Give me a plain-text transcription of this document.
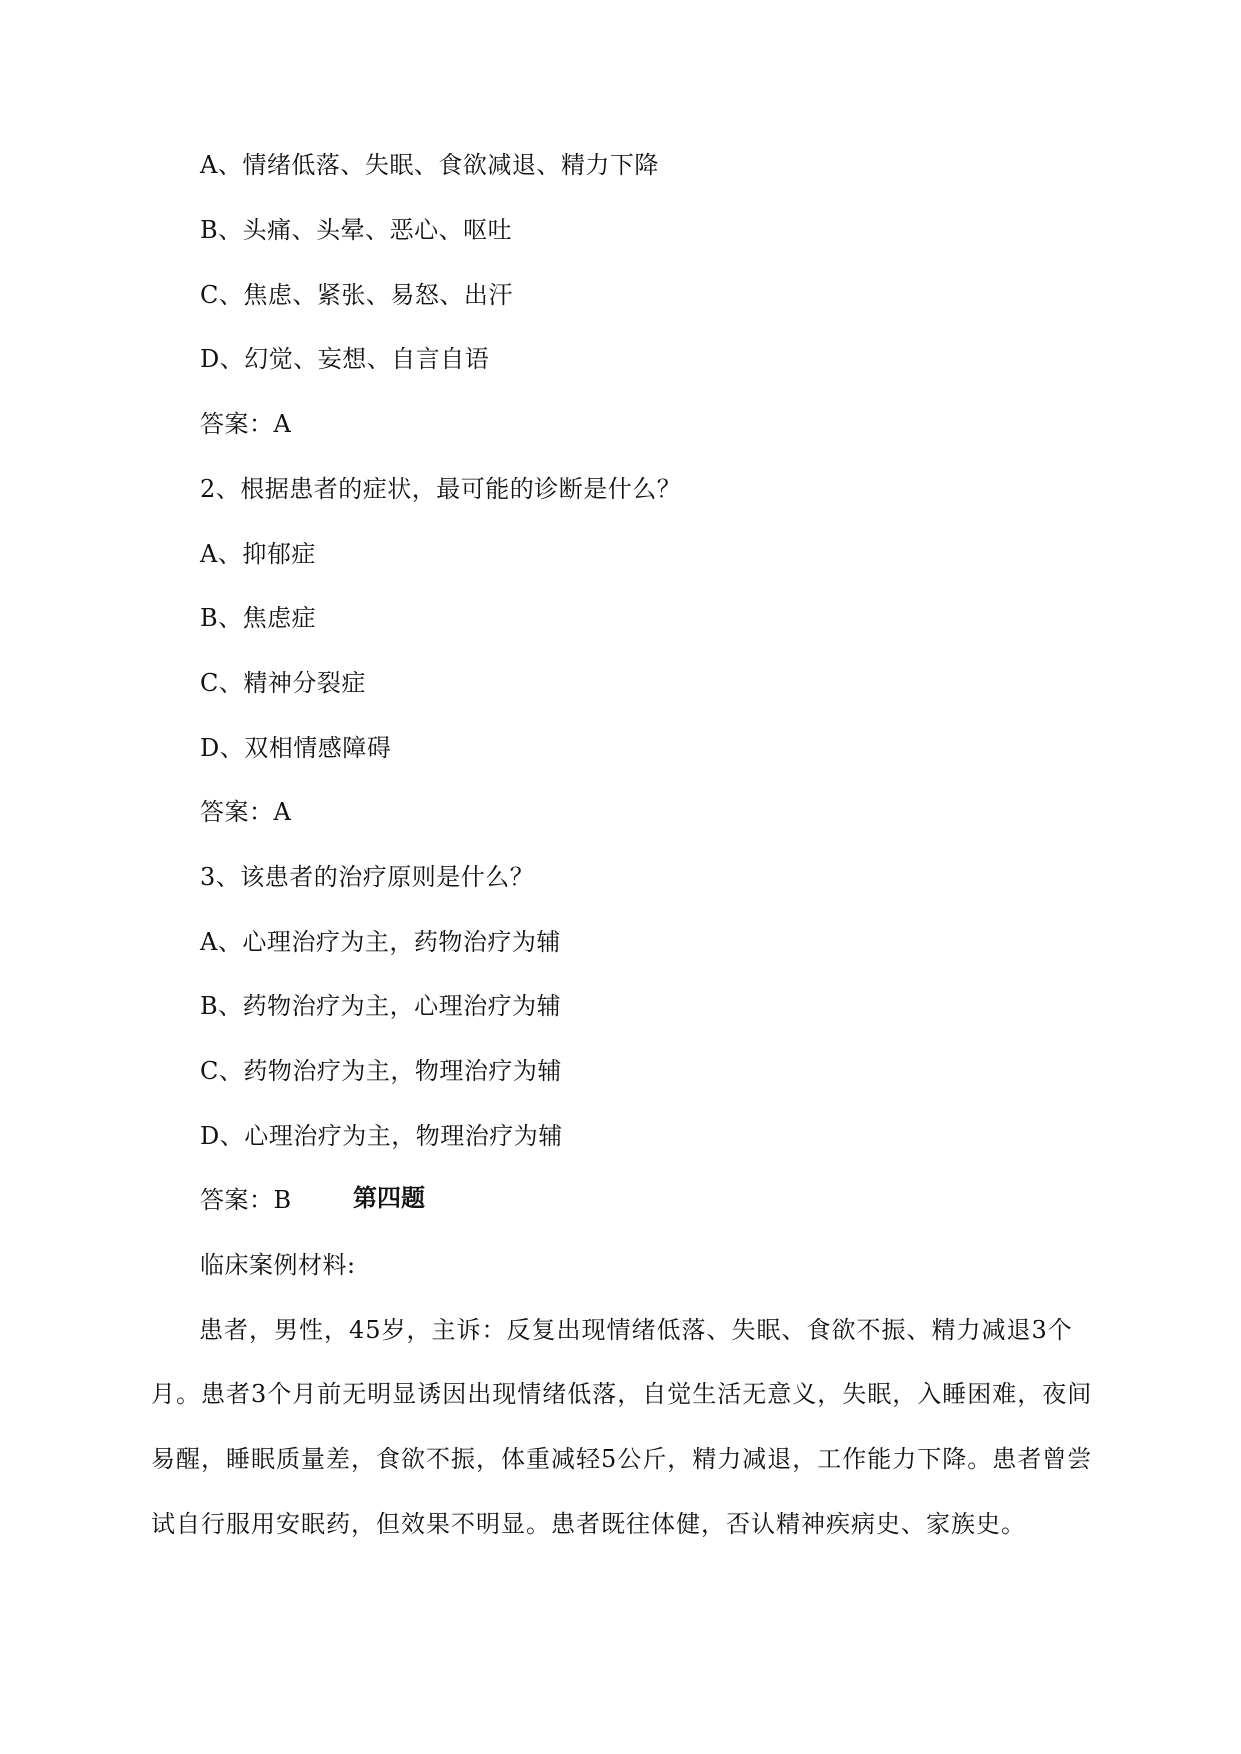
A、情绪低落、失眠、食欲减退、精力下降
B、头痛、头晕、恶心、呕吐
C、焦虑、紧张、易怒、出汗
D、幻觉、妄想、自言自语
答案：A
2、根据患者的症状，最可能的诊断是什么？
A、抑郁症
B、焦虑症
C、精神分裂症
D、双相情感障碍
答案：A
3、该患者的治疗原则是什么？
A、心理治疗为主，药物治疗为辅
B、药物治疗为主，心理治疗为辅
C、药物治疗为主，物理治疗为辅
D、心理治疗为主，物理治疗为辅
答案：B	第四题
临床案例材料:
患者，男性，45岁，主诉：反复出现情绪低落、失眠、食欲不振、精力减退3个
月。患者3个月前无明显诱因出现情绪低落，自觉生活无意义，失眠，入睡困难，夜间
易醒，睡眠质量差，食欲不振，体重减轻5公斤，精力减退，工作能力下降。患者曾尝
试自行服用安眠药，但效果不明显。患者既往体健，否认精神疾病史、家族史。
